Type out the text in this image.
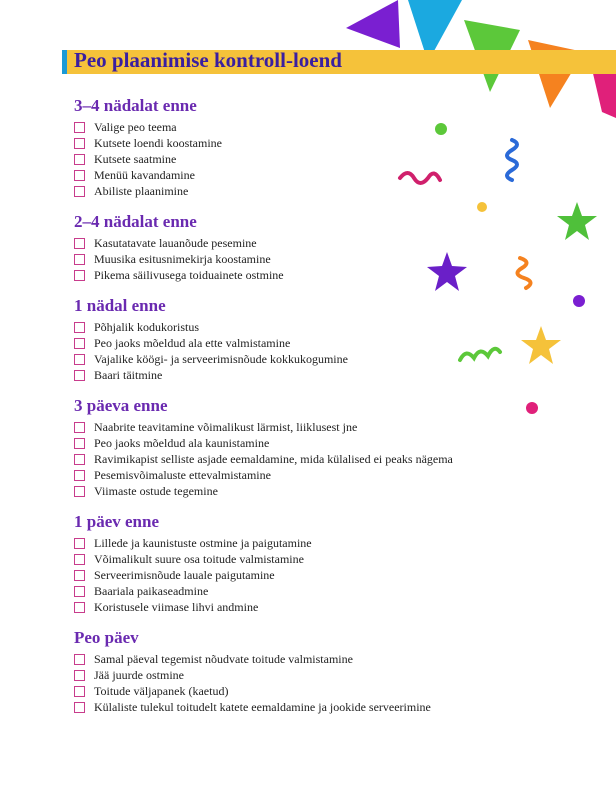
Peo plaanimise kontroll-loend
3–4 nädalat enne
Valige peo teema
Kutsete loendi koostamine
Kutsete saatmine
Menüü kavandamine
Abiliste plaanimine
2–4 nädalat enne
Kasutatavate lauanõude pesemine
Muusika esitusnimekirja koostamine
Pikema säilivusega toiduainete ostmine
1 nädal enne
Põhjalik kodukoristus
Peo jaoks mõeldud ala ette valmistamine
Vajalike köögi- ja serveerimisnõude kokkukogumine
Baari täitmine
3 päeva enne
Naabrite teavitamine võimalikust lärmist, liiklusest jne
Peo jaoks mõeldud ala kaunistamine
Ravimikapist selliste asjade eemaldamine, mida külalised ei peaks nägema
Pesemisvõimaluste ettevalmistamine
Viimaste ostude tegemine
1 päev enne
Lillede ja kaunistuste ostmine ja paigutamine
Võimalikult suure osa toitude valmistamine
Serveerimisnõude lauale paigutamine
Baariala paikaseadmine
Koristusele viimase lihvi andmine
Peo päev
Samal päeval tegemist nõudvate toitude valmistamine
Jää juurde ostmine
Toitude väljapanek (kaetud)
Külaliste tulekul toitudelt katete eemaldamine ja jookide serveerimine
